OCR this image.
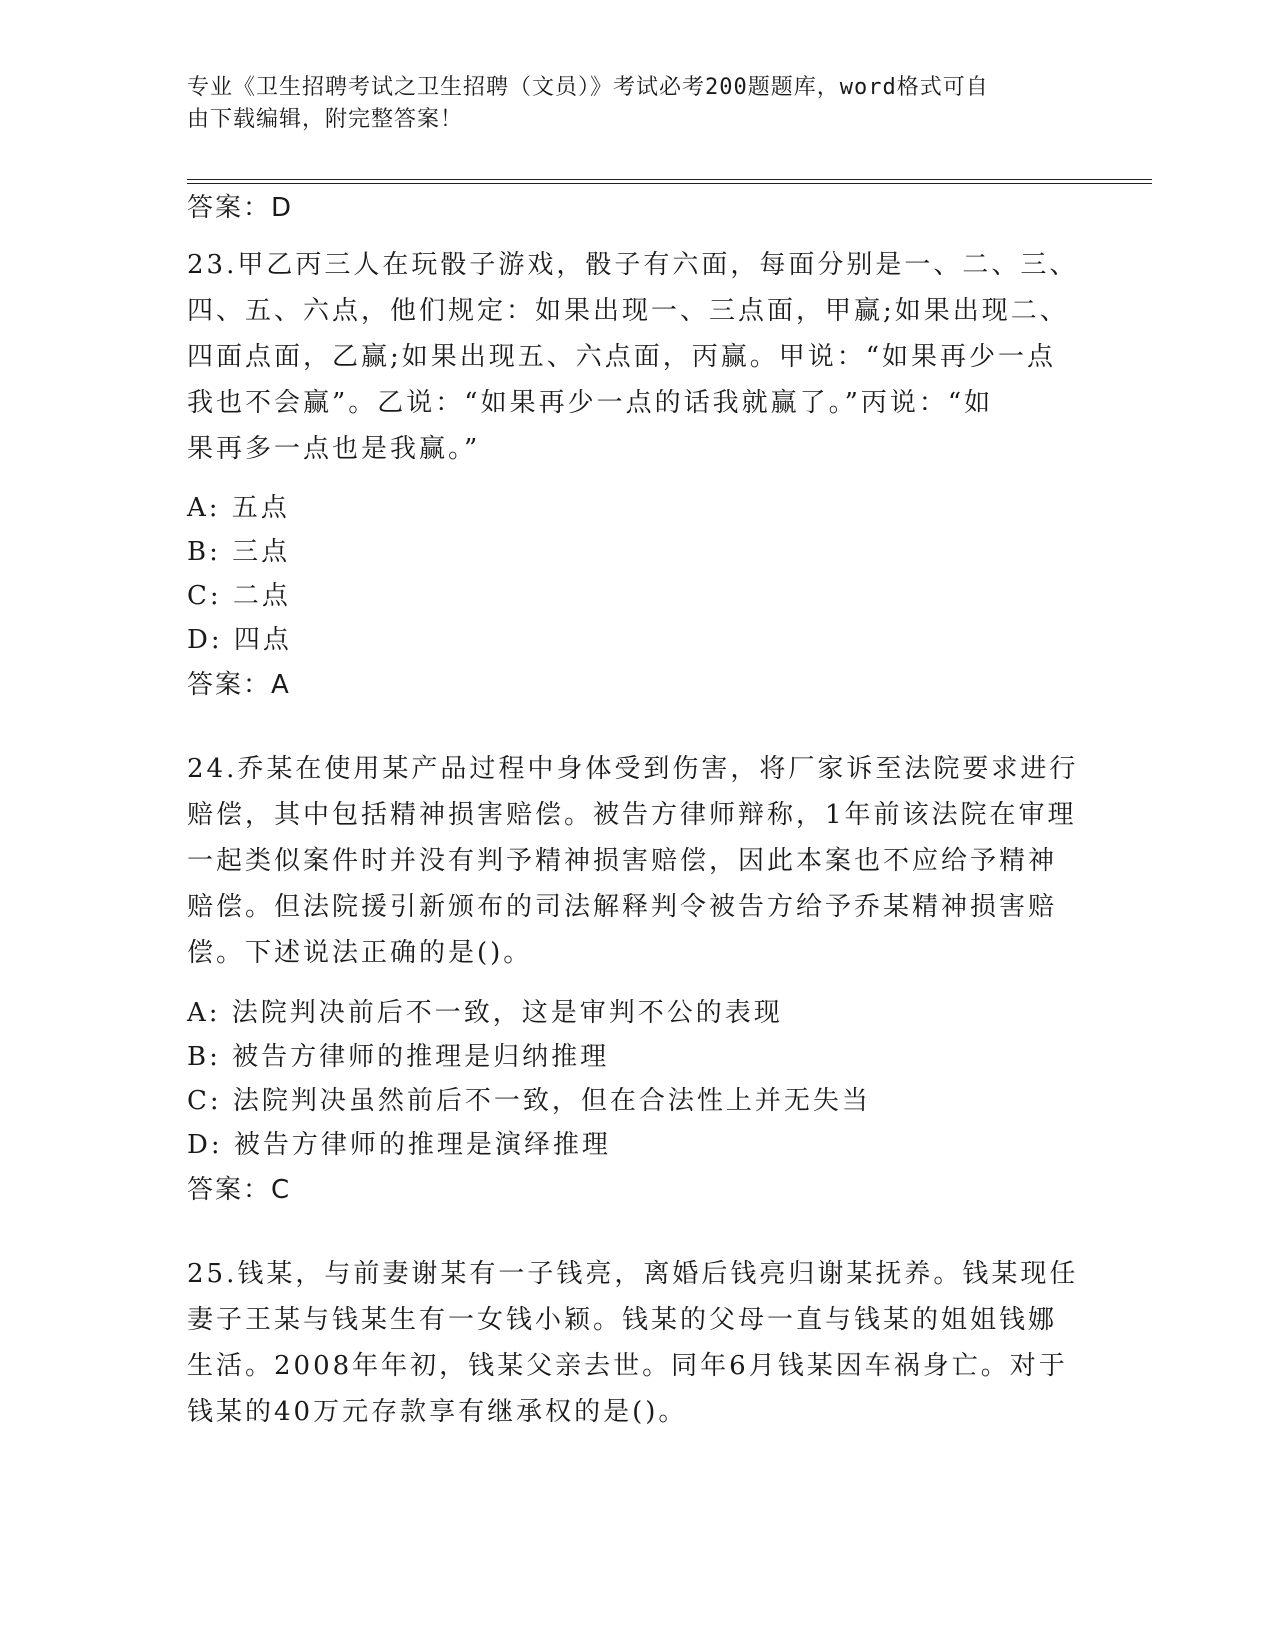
专业《卫生招聘考试之卫生招聘（文员）》考试必考200题题库，word格式可自
由下载编辑，附完整答案！
答案：D
23.甲乙丙三人在玩骰子游戏，骰子有六面，每面分别是一、二、三、
四、五、六点，他们规定：如果出现一、三点面，甲赢;如果出现二、
四面点面，乙赢;如果出现五、六点面，丙赢。甲说：“如果再少一点
我也不会赢”。乙说：“如果再少一点的话我就赢了。”丙说：“如
果再多一点也是我赢。”
A: 五点
B: 三点
C: 二点
D: 四点
答案：A
24.乔某在使用某产品过程中身体受到伤害，将厂家诉至法院要求进行
赔偿，其中包括精神损害赔偿。被告方律师辩称，1年前该法院在审理
一起类似案件时并没有判予精神损害赔偿，因此本案也不应给予精神
赔偿。但法院援引新颁布的司法解释判令被告方给予乔某精神损害赔
偿。下述说法正确的是()。
A: 法院判决前后不一致，这是审判不公的表现
B: 被告方律师的推理是归纳推理
C: 法院判决虽然前后不一致，但在合法性上并无失当
D: 被告方律师的推理是演绎推理
答案：C
25.钱某，与前妻谢某有一子钱亮，离婚后钱亮归谢某抚养。钱某现任
妻子王某与钱某生有一女钱小颖。钱某的父母一直与钱某的姐姐钱娜
生活。2008年年初，钱某父亲去世。同年6月钱某因车祸身亡。对于
钱某的40万元存款享有继承权的是()。
